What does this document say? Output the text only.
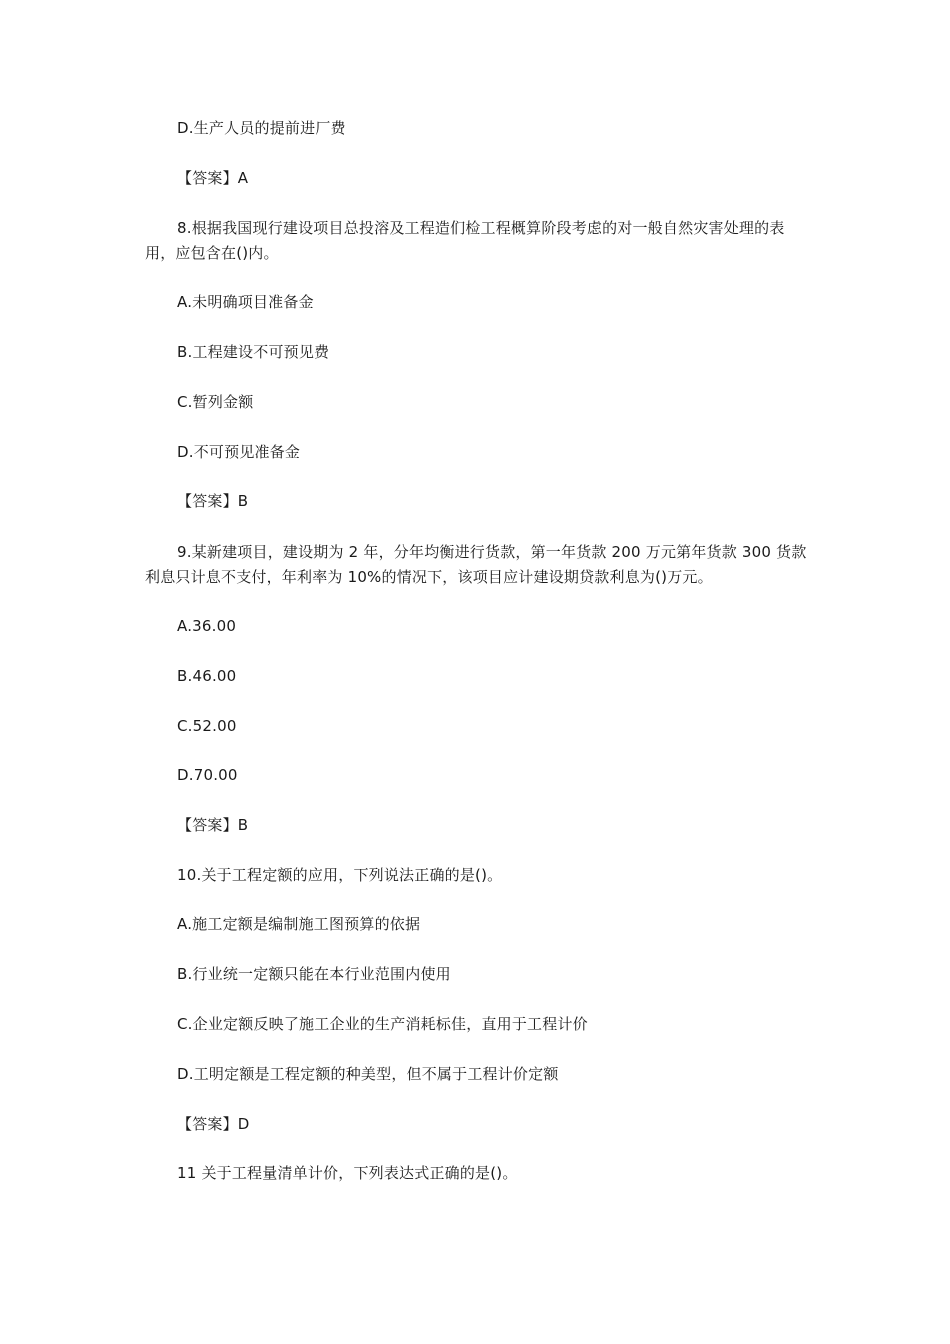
D.生产人员的提前进厂费
【答案】A
8.根据我国现行建设项目总投溶及工程造们检工程概算阶段考虑的对一般自然灾害处理的表用，应包含在()内。
A.未明确项目准备金
B.工程建设不可预见费
C.暂列金额
D.不可预见准备金
【答案】B
9.某新建项目，建设期为 2 年，分年均衡进行货款，第一年货款 200 万元第年货款 300 货款利息只计息不支付，年利率为 10%的情况下，该项目应计建设期贷款利息为()万元。
A.36.00
B.46.00
C.52.00
D.70.00
【答案】B
10.关于工程定额的应用，下列说法正确的是()。
A.施工定额是编制施工图预算的依据
B.行业统一定额只能在本行业范围内使用
C.企业定额反映了施工企业的生产消耗标佳，直用于工程计价
D.工明定额是工程定额的种美型，但不属于工程计价定额
【答案】D
11 关于工程量清单计价，下列表达式正确的是()。
